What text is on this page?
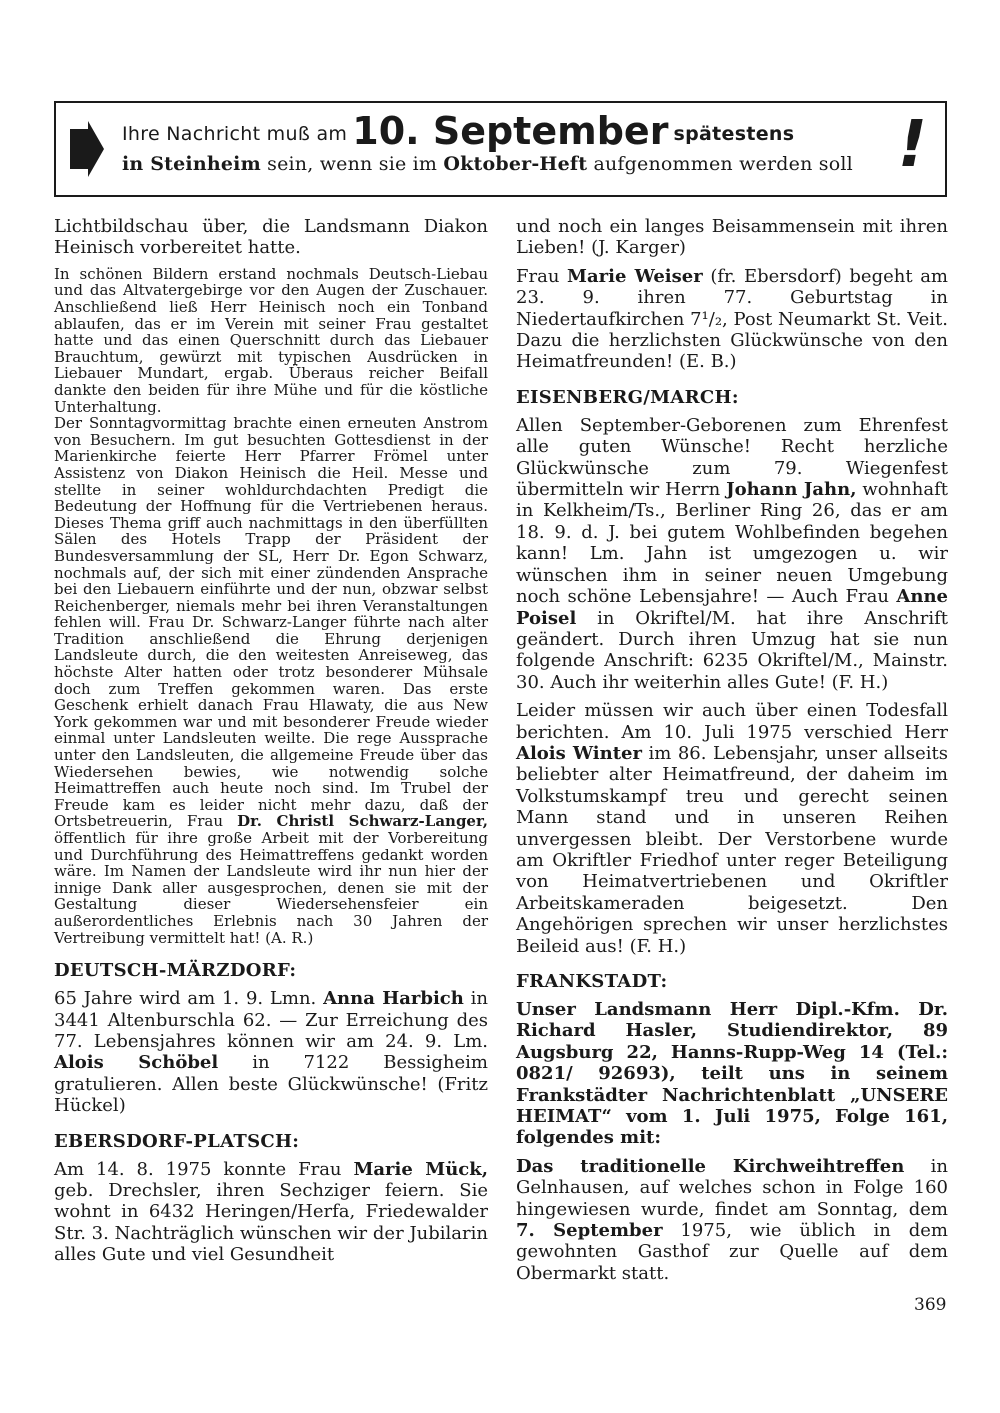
Ihre Nachricht muß am 10. September spätestens
in Steinheim sein, wenn sie im Oktober-Heft aufgenommen werden soll !

Lichtbildschau über, die Landsmann Diakon Heinisch vorbereitet hatte.

In schönen Bildern erstand nochmals Deutsch-Liebau und das Altvatergebirge vor den Augen der Zuschauer. Anschließend ließ Herr Heinisch noch ein Tonband ablaufen, das er im Verein mit seiner Frau gestaltet hatte und das einen Querschnitt durch das Liebauer Brauchtum, gewürzt mit typischen Ausdrücken in Liebauer Mundart, ergab. Überaus reicher Beifall dankte den beiden für ihre Mühe und für die köstliche Unterhaltung.

Der Sonntagvormittag brachte einen erneuten Anstrom von Besuchern. Im gut besuchten Gottesdienst in der Marienkirche feierte Herr Pfarrer Frömel unter Assistenz von Diakon Heinisch die Heil. Messe und stellte in seiner wohldurchdachten Predigt die Bedeutung der Hoffnung für die Vertriebenen heraus. Dieses Thema griff auch nachmittags in den überfüllten Sälen des Hotels Trapp der Präsident der Bundesversammlung der SL, Herr Dr. Egon Schwarz, nochmals auf, der sich mit einer zündenden Ansprache bei den Liebauern einführte und der nun, obzwar selbst Reichenberger, niemals mehr bei ihren Veranstaltungen fehlen will. Frau Dr. Schwarz-Langer führte nach alter Tradition anschließend die Ehrung derjenigen Landsleute durch, die den weitesten Anreiseweg, das höchste Alter hatten oder trotz besonderer Mühsale doch zum Treffen gekommen waren. Das erste Geschenk erhielt danach Frau Hlawaty, die aus New York gekommen war und mit besonderer Freude wieder einmal unter Landsleuten weilte. Die rege Aussprache unter den Landsleuten, die allgemeine Freude über das Wiedersehen bewies, wie notwendig solche Heimattreffen auch heute noch sind. Im Trubel der Freude kam es leider nicht mehr dazu, daß der Ortsbetreuerin, Frau Dr. Christl Schwarz-Langer, öffentlich für ihre große Arbeit mit der Vorbereitung und Durchführung des Heimattreffens gedankt worden wäre. Im Namen der Landsleute wird ihr nun hier der innige Dank aller ausgesprochen, denen sie mit der Gestaltung dieser Wiedersehensfeier ein außerordentliches Erlebnis nach 30 Jahren der Vertreibung vermittelt hat! (A. R.)

DEUTSCH-MÄRZDORF:

65 Jahre wird am 1. 9. Lmn. Anna Harbich in 3441 Altenburschla 62. — Zur Erreichung des 77. Lebensjahres können wir am 24. 9. Lm. Alois Schöbel in 7122 Bessigheim gratulieren. Allen beste Glückwünsche! (Fritz Hückel)

EBERSDORF-PLATSCH:

Am 14. 8. 1975 konnte Frau Marie Mück, geb. Drechsler, ihren Sechziger feiern. Sie wohnt in 6432 Heringen/Herfa, Friedewalder Str. 3. Nachträglich wünschen wir der Jubilarin alles Gute und viel Gesundheit

und noch ein langes Beisammensein mit ihren Lieben! (J. Karger)

Frau Marie Weiser (fr. Ebersdorf) begeht am 23. 9. ihren 77. Geburtstag in Niedertaufkirchen 7¹/₂, Post Neumarkt St. Veit. Dazu die herzlichsten Glückwünsche von den Heimatfreunden! (E. B.)

EISENBERG/MARCH:

Allen September-Geborenen zum Ehrenfest alle guten Wünsche! Recht herzliche Glückwünsche zum 79. Wiegenfest übermitteln wir Herrn Johann Jahn, wohnhaft in Kelkheim/Ts., Berliner Ring 26, das er am 18. 9. d. J. bei gutem Wohlbefinden begehen kann! Lm. Jahn ist umgezogen u. wir wünschen ihm in seiner neuen Umgebung noch schöne Lebensjahre! — Auch Frau Anne Poisel in Okriftel/M. hat ihre Anschrift geändert. Durch ihren Umzug hat sie nun folgende Anschrift: 6235 Okriftel/M., Mainstr. 30. Auch ihr weiterhin alles Gute! (F. H.)

Leider müssen wir auch über einen Todesfall berichten. Am 10. Juli 1975 verschied Herr Alois Winter im 86. Lebensjahr, unser allseits beliebter alter Heimatfreund, der daheim im Volkstumskampf treu und gerecht seinen Mann stand und in unseren Reihen unvergessen bleibt. Der Verstorbene wurde am Okriftler Friedhof unter reger Beteiligung von Heimatvertriebenen und Okriftler Arbeitskameraden beigesetzt. Den Angehörigen sprechen wir unser herzlichstes Beileid aus! (F. H.)

FRANKSTADT:

Unser Landsmann Herr Dipl.-Kfm. Dr. Richard Hasler, Studiendirektor, 89 Augsburg 22, Hanns-Rupp-Weg 14 (Tel.: 0821/ 92693), teilt uns in seinem Frankstädter Nachrichtenblatt „UNSERE HEIMAT“ vom 1. Juli 1975, Folge 161, folgendes mit:

Das traditionelle Kirchweihtreffen in Gelnhausen, auf welches schon in Folge 160 hingewiesen wurde, findet am Sonntag, dem 7. September 1975, wie üblich in dem gewohnten Gasthof zur Quelle auf dem Obermarkt statt.

369
